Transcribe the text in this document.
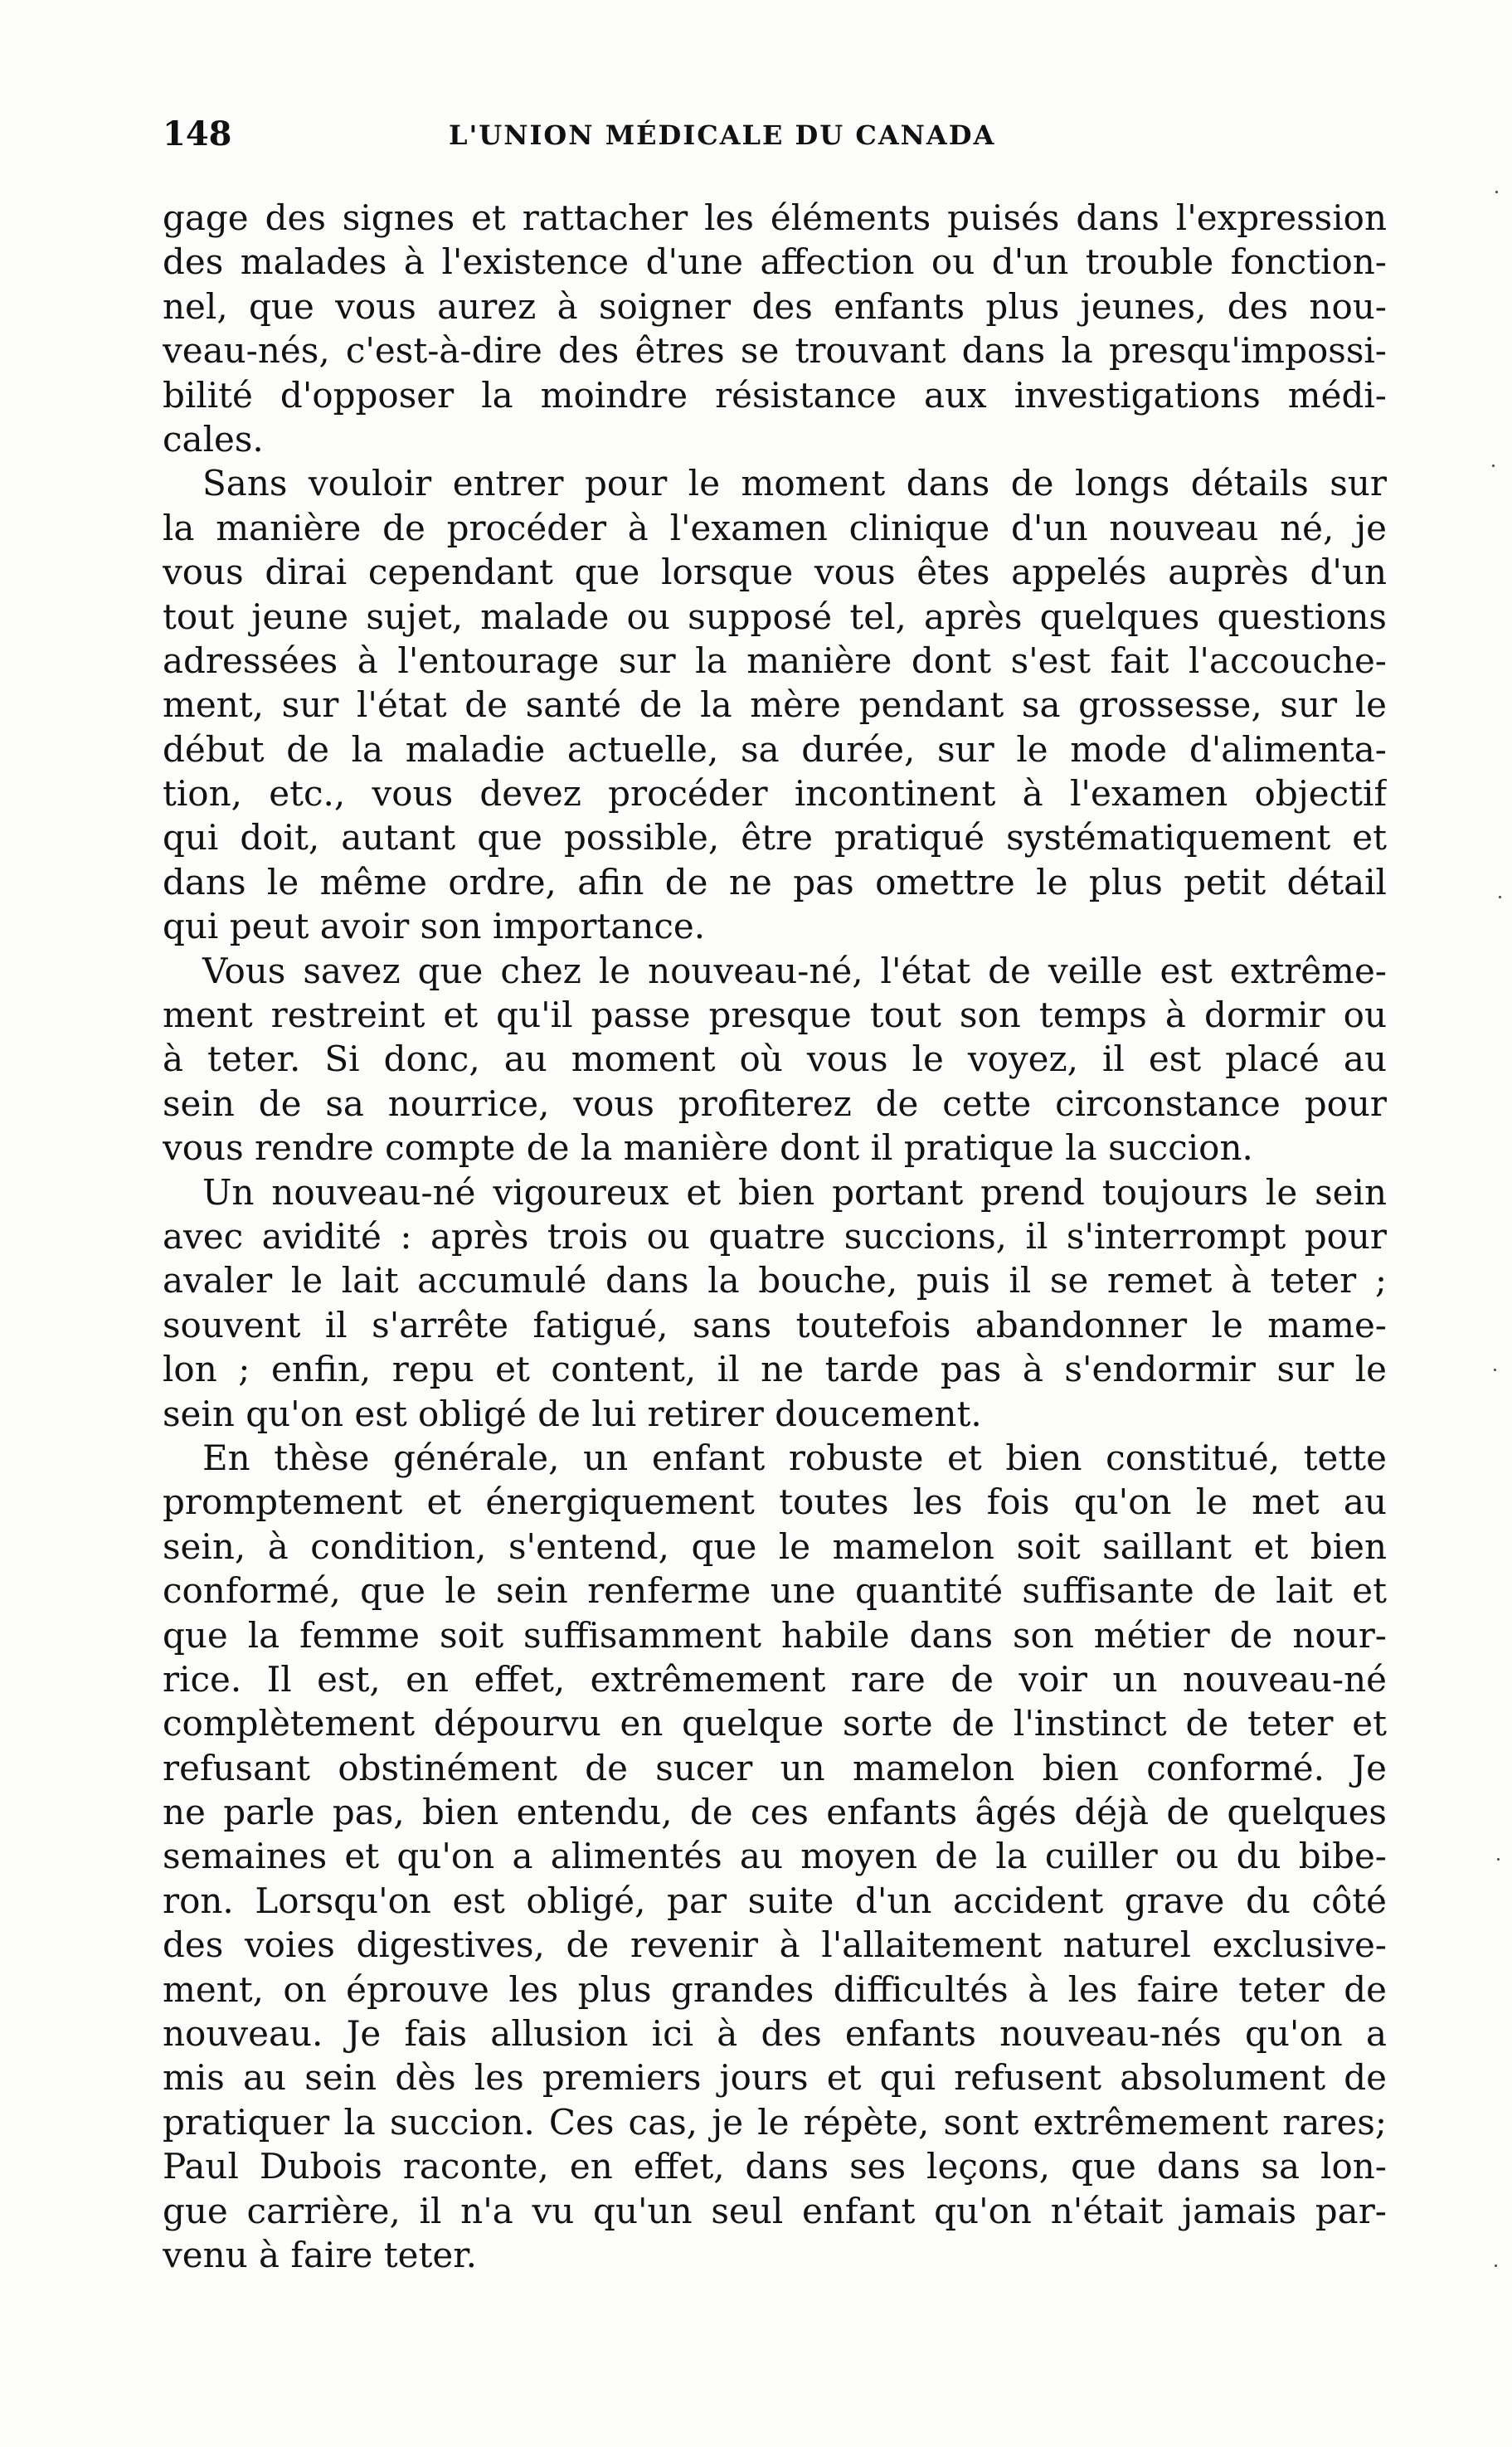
148	L'UNION MÉDICALE DU CANADA

gage des signes et rattacher les éléments puisés dans l'expression

des malades à l'existence d'une affection ou d'un trouble fonction-

nel, que vous aurez à soigner des enfants plus jeunes, des nou-

veau-nés, c'est-à-dire des êtres se trouvant dans la presqu'impossi-

bilité d'opposer la moindre résistance aux investigations médi-

cales.

Sans vouloir entrer pour le moment dans de longs détails sur

la manière de procéder à l'examen clinique d'un nouveau né, je

vous dirai cependant que lorsque vous êtes appelés auprès d'un

tout jeune sujet, malade ou supposé tel, après quelques questions

adressées à l'entourage sur la manière dont s'est fait l'accouche-

ment, sur l'état de santé de la mère pendant sa grossesse, sur le

début de la maladie actuelle, sa durée, sur le mode d'alimenta-

tion, etc., vous devez procéder incontinent à l'examen objectif

qui doit, autant que possible, être pratiqué systématiquement et

dans le même ordre, afin de ne pas omettre le plus petit détail

qui peut avoir son importance.

Vous savez que chez le nouveau-né, l'état de veille est extrême-

ment restreint et qu'il passe presque tout son temps à dormir ou

à teter. Si donc, au moment où vous le voyez, il est placé au

sein de sa nourrice, vous profiterez de cette circonstance pour

vous rendre compte de la manière dont il pratique la succion.

Un nouveau-né vigoureux et bien portant prend toujours le sein

avec avidité : après trois ou quatre succions, il s'interrompt pour

avaler le lait accumulé dans la bouche, puis il se remet à teter ;

souvent il s'arrête fatigué, sans toutefois abandonner le mame-

lon ; enfin, repu et content, il ne tarde pas à s'endormir sur le

sein qu'on est obligé de lui retirer doucement.

En thèse générale, un enfant robuste et bien constitué, tette

promptement et énergiquement toutes les fois qu'on le met au

sein, à condition, s'entend, que le mamelon soit saillant et bien

conformé, que le sein renferme une quantité suffisante de lait et

que la femme soit suffisamment habile dans son métier de nour-

rice. Il est, en effet, extrêmement rare de voir un nouveau-né

complètement dépourvu en quelque sorte de l'instinct de teter et

refusant obstinément de sucer un mamelon bien conformé. Je

ne parle pas, bien entendu, de ces enfants âgés déjà de quelques

semaines et qu'on a alimentés au moyen de la cuiller ou du bibe-

ron. Lorsqu'on est obligé, par suite d'un accident grave du côté

des voies digestives, de revenir à l'allaitement naturel exclusive-

ment, on éprouve les plus grandes difficultés à les faire teter de

nouveau. Je fais allusion ici à des enfants nouveau-nés qu'on a

mis au sein dès les premiers jours et qui refusent absolument de

pratiquer la succion. Ces cas, je le répète, sont extrêmement rares;

Paul Dubois raconte, en effet, dans ses leçons, que dans sa lon-

gue carrière, il n'a vu qu'un seul enfant qu'on n'était jamais par-

venu à faire teter.
